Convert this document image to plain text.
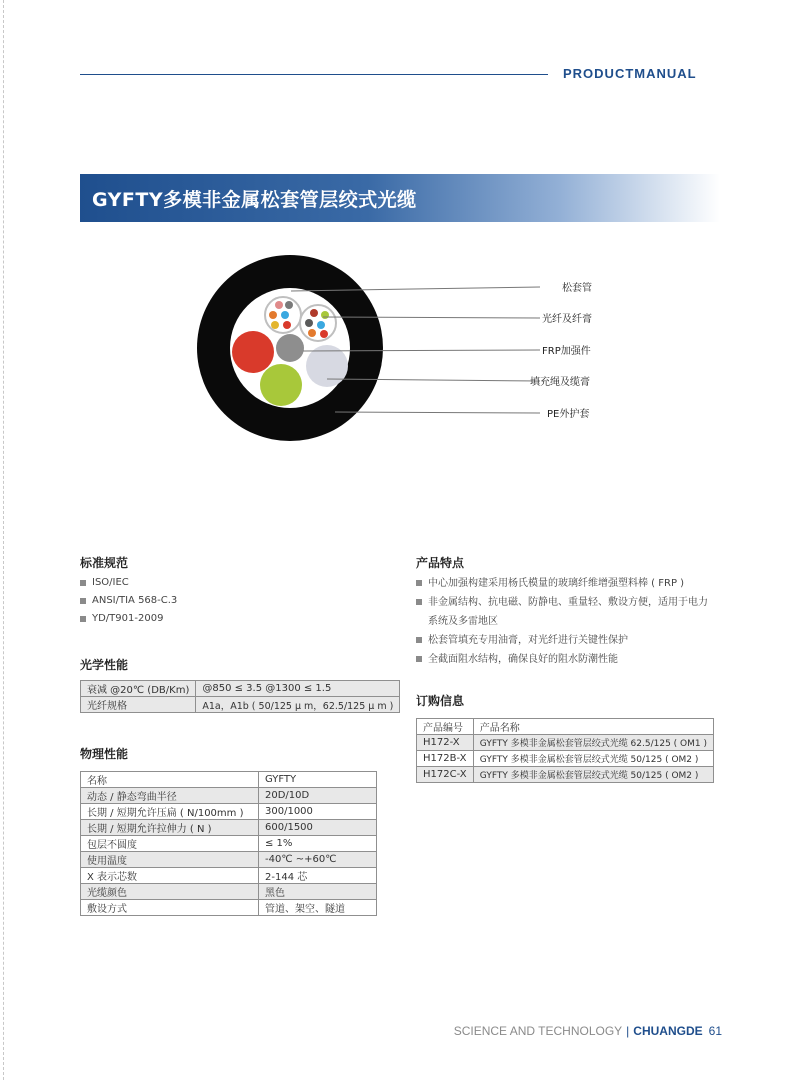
PRODUCTMANUAL
GYFTY多模非金属松套管层绞式光缆
松套管
光纤及纤膏
FRP加强件
填充绳及缆膏
PE外护套
标准规范
ISO/IEC
ANSI/TIA 568-C.3
YD/T901-2009
光学性能
衰减 @20℃ (DB/Km)	@850 ≤ 3.5 @1300 ≤ 1.5
光纤规格	A1a，A1b ( 50/125 μ m，62.5/125 μ m )
物理性能
名称	GYFTY
动态 / 静态弯曲半径	20D/10D
长期 / 短期允许压扁 ( N/100mm )	300/1000
长期 / 短期允许拉伸力 ( N )	600/1500
包层不圆度	≤ 1%
使用温度	-40℃ ~+60℃
X 表示芯数	2-144 芯
光缆颜色	黑色
敷设方式	管道、架空、隧道
产品特点
中心加强构建采用杨氏模量的玻璃纤维增强塑料棒 ( FRP )
非金属结构、抗电磁、防静电、重量轻、敷设方便，适用于电力系统及多雷地区
松套管填充专用油膏，对光纤进行关键性保护
全截面阻水结构，确保良好的阻水防潮性能
订购信息
产品编号	产品名称
H172-X	GYFTY 多模非金属松套管层绞式光缆 62.5/125 ( OM1 )
H172B-X	GYFTY 多模非金属松套管层绞式光缆 50/125 ( OM2 )
H172C-X	GYFTY 多模非金属松套管层绞式光缆 50/125 ( OM2 )
SCIENCE AND TECHNOLOGY | CHUANGDE 61
